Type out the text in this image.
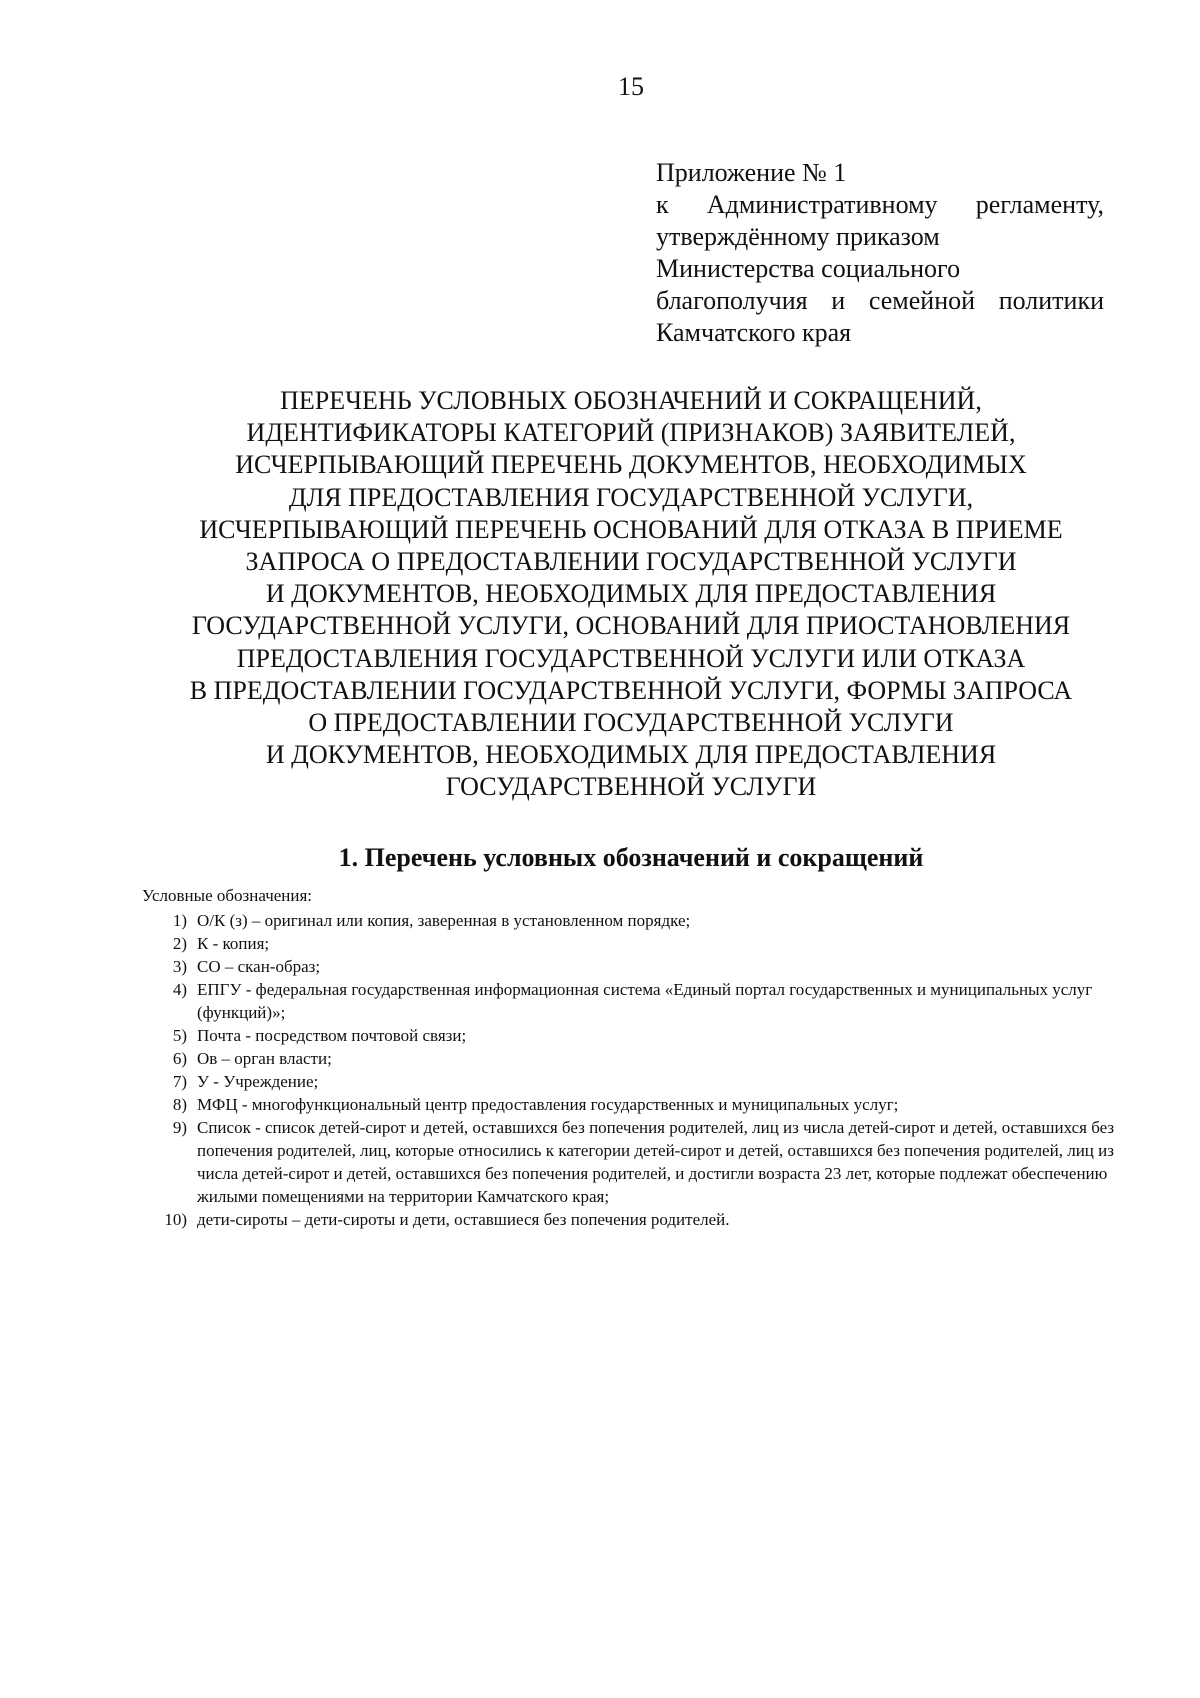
15
Приложение № 1
к Административному регламенту,
утверждённому приказом
Министерства социального
благополучия и семейной политики
Камчатского края
ПЕРЕЧЕНЬ УСЛОВНЫХ ОБОЗНАЧЕНИЙ И СОКРАЩЕНИЙ,
ИДЕНТИФИКАТОРЫ КАТЕГОРИЙ (ПРИЗНАКОВ) ЗАЯВИТЕЛЕЙ,
ИСЧЕРПЫВАЮЩИЙ ПЕРЕЧЕНЬ ДОКУМЕНТОВ, НЕОБХОДИМЫХ
ДЛЯ ПРЕДОСТАВЛЕНИЯ ГОСУДАРСТВЕННОЙ УСЛУГИ,
ИСЧЕРПЫВАЮЩИЙ ПЕРЕЧЕНЬ ОСНОВАНИЙ ДЛЯ ОТКАЗА В ПРИЕМЕ
ЗАПРОСА О ПРЕДОСТАВЛЕНИИ ГОСУДАРСТВЕННОЙ УСЛУГИ
И ДОКУМЕНТОВ, НЕОБХОДИМЫХ ДЛЯ ПРЕДОСТАВЛЕНИЯ
ГОСУДАРСТВЕННОЙ УСЛУГИ, ОСНОВАНИЙ ДЛЯ ПРИОСТАНОВЛЕНИЯ
ПРЕДОСТАВЛЕНИЯ ГОСУДАРСТВЕННОЙ УСЛУГИ ИЛИ ОТКАЗА
В ПРЕДОСТАВЛЕНИИ ГОСУДАРСТВЕННОЙ УСЛУГИ, ФОРМЫ ЗАПРОСА
О ПРЕДОСТАВЛЕНИИ ГОСУДАРСТВЕННОЙ УСЛУГИ
И ДОКУМЕНТОВ, НЕОБХОДИМЫХ ДЛЯ ПРЕДОСТАВЛЕНИЯ
ГОСУДАРСТВЕННОЙ УСЛУГИ
1. Перечень условных обозначений и сокращений
Условные обозначения:
1) О/К (з) – оригинал или копия, заверенная в установленном порядке;
2) К - копия;
3) СО – скан-образ;
4) ЕПГУ - федеральная государственная информационная система «Единый портал государственных и муниципальных услуг (функций)»;
5) Почта - посредством почтовой связи;
6) Ов – орган власти;
7) У - Учреждение;
8) МФЦ - многофункциональный центр предоставления государственных и муниципальных услуг;
9) Список - список детей-сирот и детей, оставшихся без попечения родителей, лиц из числа детей-сирот и детей, оставшихся без попечения родителей, лиц, которые относились к категории детей-сирот и детей, оставшихся без попечения родителей, лиц из числа детей-сирот и детей, оставшихся без попечения родителей, и достигли возраста 23 лет, которые подлежат обеспечению жилыми помещениями на территории Камчатского края;
10) дети-сироты – дети-сироты и дети, оставшиеся без попечения родителей.
